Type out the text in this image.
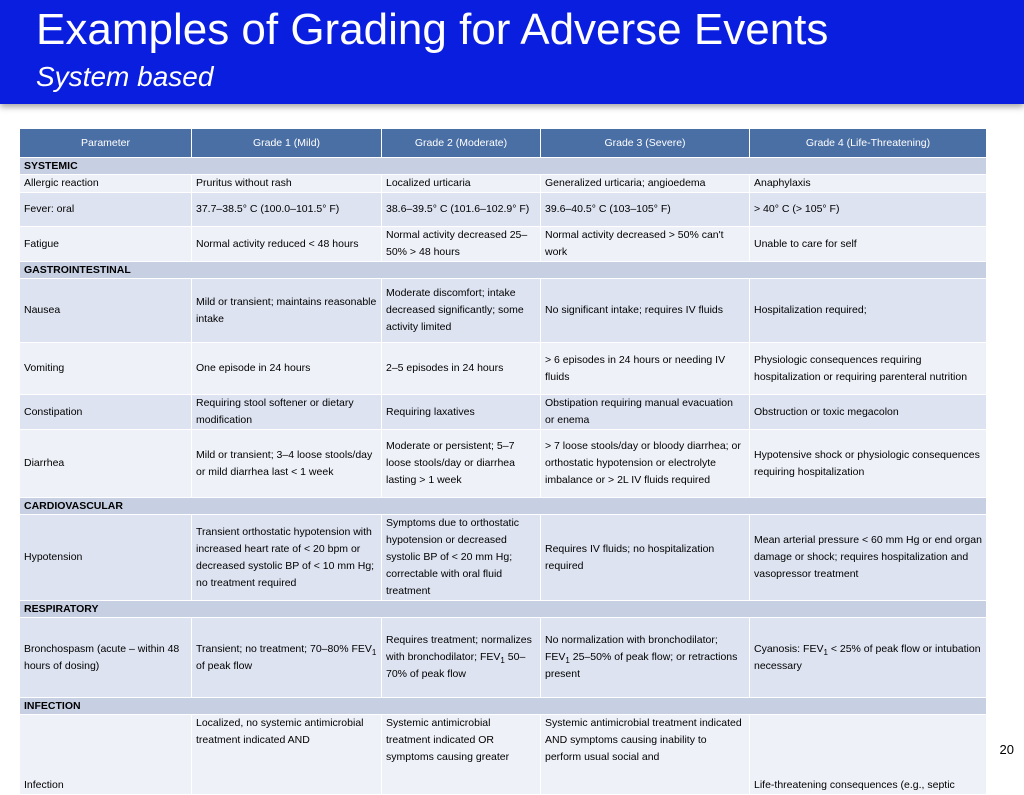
Examples of Grading for Adverse Events
System based
Parameter	Grade 1 (Mild)	Grade 2 (Moderate)	Grade 3 (Severe)	Grade 4 (Life-Threatening)
SYSTEMIC				
Allergic reaction	Pruritus without rash	Localized urticaria	Generalized urticaria; angioedema	Anaphylaxis
Fever: oral	37.7–38.5° C (100.0–101.5° F)	38.6–39.5° C (101.6–102.9° F)	39.6–40.5° C (103–105° F)	> 40° C (> 105° F)
Fatigue	Normal activity reduced < 48 hours	Normal activity decreased 25–50% > 48 hours	Normal activity decreased > 50% can't work	Unable to care for self
GASTROINTESTINAL				
Nausea	Mild or transient; maintains reasonable intake	Moderate discomfort; intake decreased significantly; some activity limited	No significant intake; requires IV fluids	Hospitalization required;
Vomiting	One episode in 24 hours	2–5 episodes in 24 hours	> 6 episodes in 24 hours or needing IV fluids	Physiologic consequences requiring hospitalization or requiring parenteral nutrition
Constipation	Requiring stool softener or dietary modification	Requiring laxatives	Obstipation requiring manual evacuation or enema	Obstruction or toxic megacolon
Diarrhea	Mild or transient; 3–4 loose stools/day or mild diarrhea last < 1 week	Moderate or persistent; 5–7 loose stools/day or diarrhea lasting > 1 week	> 7 loose stools/day or bloody diarrhea; or orthostatic hypotension or electrolyte imbalance or > 2L IV fluids required	Hypotensive shock or physiologic consequences requiring hospitalization
CARDIOVASCULAR				
Hypotension	Transient orthostatic hypotension with increased heart rate of < 20 bpm or decreased systolic BP of < 10 mm Hg; no treatment required	Symptoms due to orthostatic hypotension or decreased systolic BP of < 20 mm Hg; correctable with oral fluid treatment	Requires IV fluids; no hospitalization required	Mean arterial pressure < 60 mm Hg or end organ damage or shock; requires hospitalization and vasopressor treatment
RESPIRATORY				
Bronchospasm (acute – within 48 hours of dosing)	Transient; no treatment; 70–80% $FEV_1$ of peak flow	Requires treatment; normalizes with bronchodilator; $FEV_1$ 50–70% of peak flow	No normalization with bronchodilator; $FEV_1$ 25–50% of peak flow; or retractions present	Cyanosis: $FEV_1 < 25\%$ of peak flow or intubation necessary
INFECTION				
Infection	Localized, no systemic antimicrobial treatment indicated AND	Systemic antimicrobial treatment indicated OR symptoms causing greater	Systemic antimicrobial treatment indicated AND symptoms causing inability to perform usual social and	Life-threatening consequences (e.g., septic
20
